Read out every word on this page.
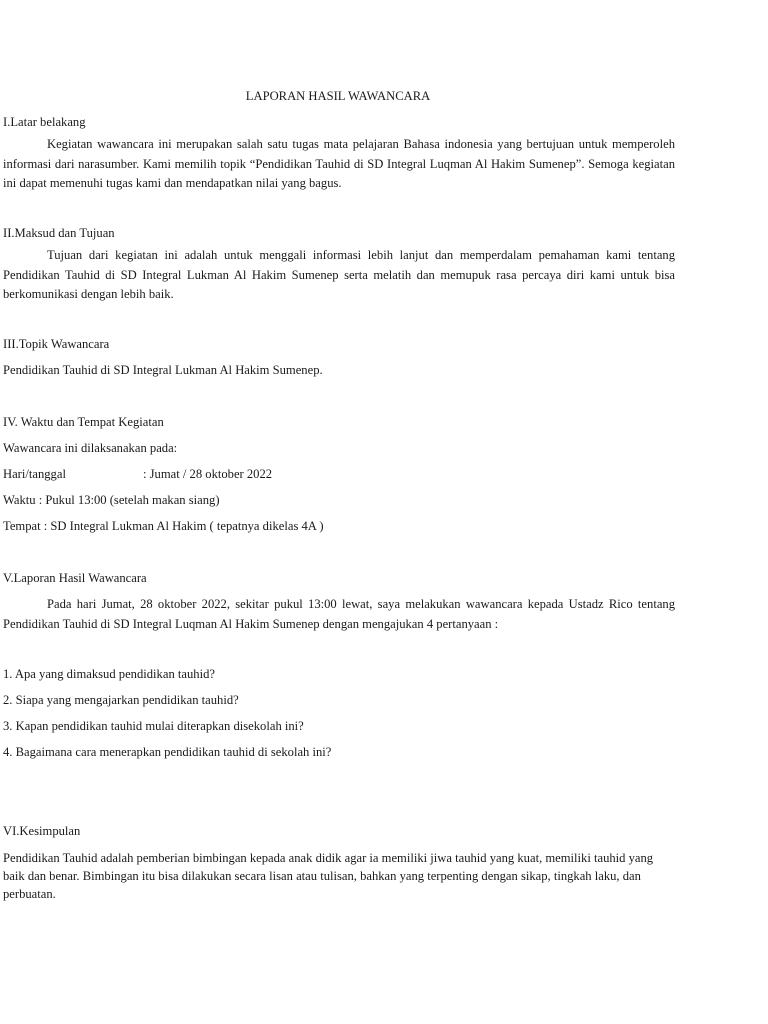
LAPORAN HASIL WAWANCARA
I.Latar belakang
Kegiatan wawancara ini merupakan salah satu tugas mata pelajaran Bahasa indonesia yang bertujuan untuk memperoleh informasi dari narasumber. Kami memilih topik “Pendidikan Tauhid di SD Integral Luqman Al Hakim Sumenep”. Semoga kegiatan ini dapat memenuhi tugas kami dan mendapatkan nilai yang bagus.
II.Maksud dan Tujuan
Tujuan dari kegiatan ini adalah untuk menggali informasi lebih lanjut dan memperdalam pemahaman kami tentang Pendidikan Tauhid di SD Integral Lukman Al Hakim Sumenep serta melatih dan memupuk rasa percaya diri kami untuk bisa berkomunikasi dengan lebih baik.
III.Topik Wawancara
Pendidikan Tauhid di SD Integral Lukman Al Hakim Sumenep.
IV. Waktu dan Tempat Kegiatan
Wawancara ini dilaksanakan pada:
Hari/tanggal	: Jumat / 28 oktober 2022
Waktu : Pukul 13:00 (setelah makan siang)
Tempat : SD Integral Lukman Al Hakim ( tepatnya dikelas 4A )
V.Laporan Hasil Wawancara
Pada hari Jumat, 28 oktober 2022, sekitar pukul 13:00 lewat, saya melakukan wawancara kepada Ustadz Rico tentang Pendidikan Tauhid di SD Integral Luqman Al Hakim Sumenep dengan mengajukan 4 pertanyaan :
1. Apa yang dimaksud pendidikan tauhid?
2. Siapa yang mengajarkan pendidikan tauhid?
3. Kapan pendidikan tauhid mulai diterapkan disekolah ini?
4. Bagaimana cara menerapkan pendidikan tauhid di sekolah ini?
VI.Kesimpulan
Pendidikan Tauhid adalah pemberian bimbingan kepada anak didik agar ia memiliki jiwa tauhid yang kuat, memiliki tauhid yang baik dan benar. Bimbingan itu bisa dilakukan secara lisan atau tulisan, bahkan yang terpenting dengan sikap, tingkah laku, dan perbuatan.
